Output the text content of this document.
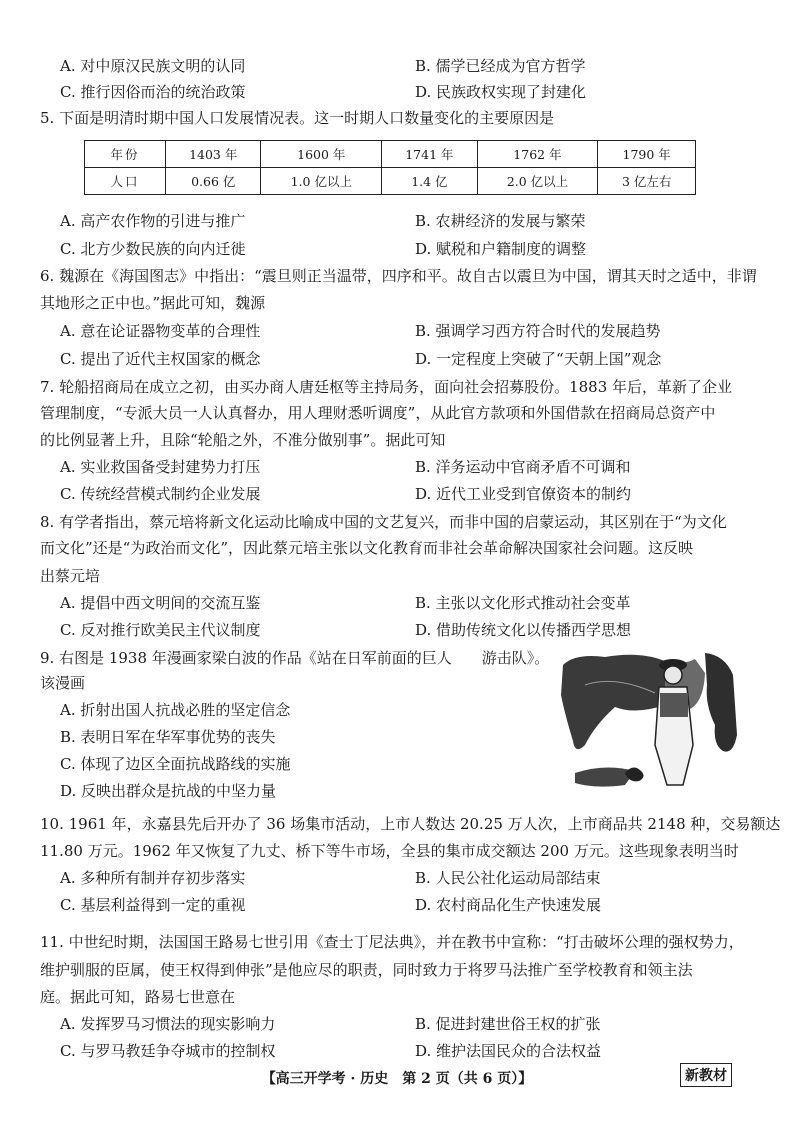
A. 对中原汉民族文明的认同	B. 儒学已经成为官方哲学
C. 推行因俗而治的统治政策	D. 民族政权实现了封建化
5. 下面是明清时期中国人口发展情况表。这一时期人口数量变化的主要原因是
年份	1403 年	1600 年	1741 年	1762 年	1790 年
人口	0.66 亿	1.0 亿以上	1.4 亿	2.0 亿以上	3 亿左右
A. 高产农作物的引进与推广	B. 农耕经济的发展与繁荣
C. 北方少数民族的向内迁徙	D. 赋税和户籍制度的调整
6. 魏源在《海国图志》中指出：“震旦则正当温带，四序和平。故自古以震旦为中国，谓其天时之适中，非谓
其地形之正中也。”据此可知，魏源
A. 意在论证器物变革的合理性	B. 强调学习西方符合时代的发展趋势
C. 提出了近代主权国家的概念	D. 一定程度上突破了“天朝上国”观念
7. 轮船招商局在成立之初，由买办商人唐廷枢等主持局务，面向社会招募股份。1883 年后，革新了企业
管理制度，“专派大员一人认真督办，用人理财悉听调度”，从此官方款项和外国借款在招商局总资产中
的比例显著上升，且除“轮船之外，不准分做别事”。据此可知
A. 实业救国备受封建势力打压	B. 洋务运动中官商矛盾不可调和
C. 传统经营模式制约企业发展	D. 近代工业受到官僚资本的制约
8. 有学者指出，蔡元培将新文化运动比喻成中国的文艺复兴，而非中国的启蒙运动，其区别在于“为文化
而文化”还是“为政治而文化”，因此蔡元培主张以文化教育而非社会革命解决国家社会问题。这反映
出蔡元培
A. 提倡中西文明间的交流互鉴	B. 主张以文化形式推动社会变革
C. 反对推行欧美民主代议制度	D. 借助传统文化以传播西学思想
9. 右图是 1938 年漫画家梁白波的作品《站在日军前面的巨人　　游击队》。
该漫画
A. 折射出国人抗战必胜的坚定信念
B. 表明日军在华军事优势的丧失
C. 体现了边区全面抗战路线的实施
D. 反映出群众是抗战的中坚力量
10. 1961 年，永嘉县先后开办了 36 场集市活动，上市人数达 20.25 万人次，上市商品共 2148 种，交易额达
11.80 万元。1962 年又恢复了九丈、桥下等牛市场，全县的集市成交额达 200 万元。这些现象表明当时
A. 多种所有制并存初步落实	B. 人民公社化运动局部结束
C. 基层利益得到一定的重视	D. 农村商品化生产快速发展
11. 中世纪时期，法国国王路易七世引用《查士丁尼法典》，并在教书中宣称：“打击破坏公理的强权势力，
维护驯服的臣属，使王权得到伸张”是他应尽的职责，同时致力于将罗马法推广至学校教育和领主法
庭。据此可知，路易七世意在
A. 发挥罗马习惯法的现实影响力	B. 促进封建世俗王权的扩张
C. 与罗马教廷争夺城市的控制权	D. 维护法国民众的合法权益
【高三开学考 · 历史　第 2 页（共 6 页）】	新教材
